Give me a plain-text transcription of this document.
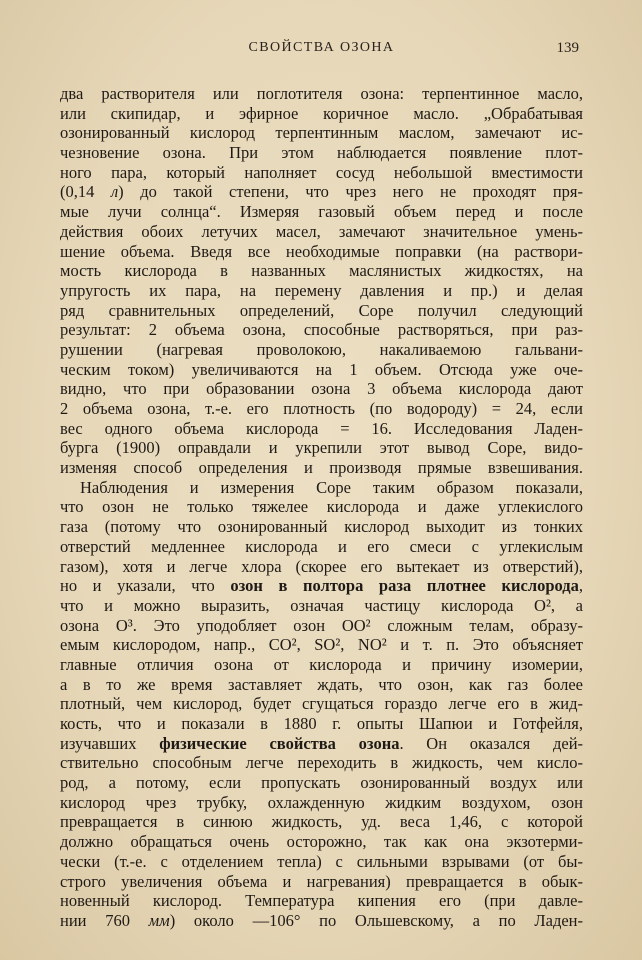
СВОЙСТВА ОЗОНА	139
два растворителя или поглотителя озона: терпентинное масло,
или скипидар, и эфирное коричное масло. „Обрабатывая
озонированный кислород терпентинным маслом, замечают ис-
чезновение озона. При этом наблюдается появление плот-
ного пара, который наполняет сосуд небольшой вместимости
(0,14 л) до такой степени, что чрез него не проходят пря-
мые лучи солнца“. Измеряя газовый объем перед и после
действия обоих летучих масел, замечают значительное умень-
шение объема. Введя все необходимые поправки (на раствори-
мость кислорода в названных маслянистых жидкостях, на
упругость их пара, на перемену давления и пр.) и делая
ряд сравнительных определений, Соре получил следующий
результат: 2 объема озона, способные растворяться, при раз-
рушении (нагревая проволокою, накаливаемою гальвани-
ческим током) увеличиваются на 1 объем. Отсюда уже оче-
видно, что при образовании озона 3 объема кислорода дают
2 объема озона, т.-е. его плотность (по водороду) = 24, если
вес одного объема кислорода = 16. Исследования Ладен-
бурга (1900) оправдали и укрепили этот вывод Соре, видо-
изменяя способ определения и производя прямые взвешивания.
Наблюдения и измерения Соре таким образом показали,
что озон не только тяжелее кислорода и даже углекислого
газа (потому что озонированный кислород выходит из тонких
отверстий медленнее кислорода и его смеси с углекислым
газом), хотя и легче хлора (скорее его вытекает из отверстий),
но и указали, что озон в полтора раза плотнее кислорода,
что и можно выразить, означая частицу кислорода O², а
озона O³. Это уподобляет озон OO² сложным телам, образу-
емым кислородом, напр., CO², SO², NO² и т. п. Это объясняет
главные отличия озона от кислорода и причину изомерии,
а в то же время заставляет ждать, что озон, как газ более
плотный, чем кислород, будет сгущаться гораздо легче его в жид-
кость, что и показали в 1880 г. опыты Шапюи и Готфейля,
изучавших физические свойства озона. Он оказался дей-
ствительно способным легче переходить в жидкость, чем кисло-
род, а потому, если пропускать озонированный воздух или
кислород чрез трубку, охлажденную жидким воздухом, озон
превращается в синюю жидкость, уд. веса 1,46, с которой
должно обращаться очень осторожно, так как она экзотерми-
чески (т.-е. с отделением тепла) с сильными взрывами (от бы-
строго увеличения объема и нагревания) превращается в обык-
новенный кислород. Температура кипения его (при давле-
нии 760 мм) около —106° по Ольшевскому, а по Ладен-
